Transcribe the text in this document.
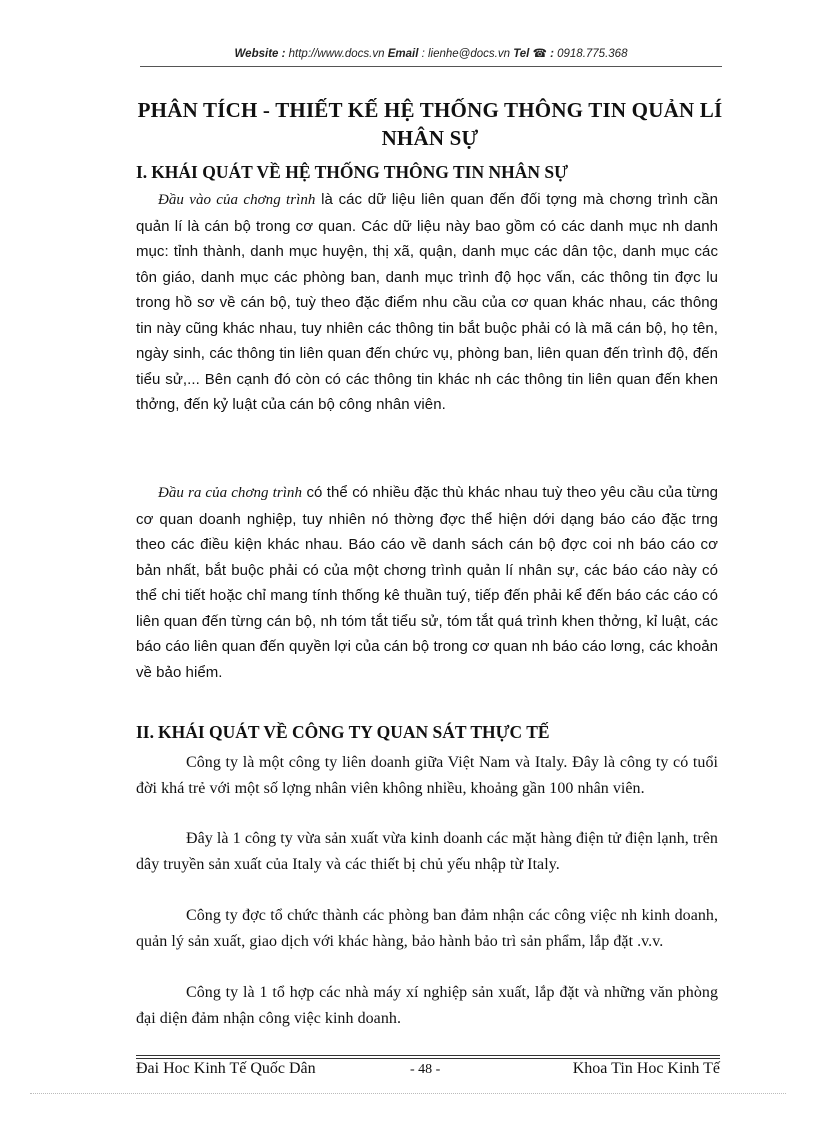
Website : http://www.docs.vn Email : lienhe@docs.vn Tel ☎ : 0918.775.368
PHÂN TÍCH - THIẾT KẾ HỆ THỐNG THÔNG TIN QUẢN LÍ NHÂN SỰ
I. KHÁI QUÁT VỀ HỆ THỐNG THÔNG TIN NHÂN SỰ
Đầu vào của chơng trình là các dữ liệu liên quan đến đối tợng mà chơng trình cần quản lí là cán bộ trong cơ quan. Các dữ liệu này bao gồm có các danh mục nh danh mục: tỉnh thành, danh mục huyện, thị xã, quận, danh mục các dân tộc, danh mục các tôn giáo, danh mục các phòng ban, danh mục trình độ học vấn, các thông tin đợc lu trong hồ sơ về cán bộ, tuỳ theo đặc điểm nhu cầu của cơ quan khác nhau, các thông tin này cũng khác nhau, tuy nhiên các thông tin bắt buộc phải có là mã cán bộ, họ tên, ngày sinh, các thông tin liên quan đến chức vụ, phòng ban, liên quan đến trình độ, đến tiểu sử,... Bên cạnh đó còn có các thông tin khác nh các thông tin liên quan đến khen thởng, đến kỷ luật của cán bộ công nhân viên.
Đầu ra của chơng trình có thể có nhiều đặc thù khác nhau tuỳ theo yêu cầu của từng cơ quan doanh nghiệp, tuy nhiên nó thờng đợc thể hiện dới dạng báo cáo đặc trng theo các điều kiện khác nhau. Báo cáo về danh sách cán bộ đợc coi nh báo cáo cơ bản nhất, bắt buộc phải có của một chơng trình quản lí nhân sự, các báo cáo này có thể chi tiết hoặc chỉ mang tính thống kê thuần tuý, tiếp đến phải kể đến báo các cáo có liên quan đến từng cán bộ, nh tóm tắt tiểu sử, tóm tắt quá trình khen thởng, kỉ luật, các báo cáo liên quan đến quyền lợi của cán bộ trong cơ quan nh báo cáo lơng, các khoản về bảo hiểm.
II. KHÁI QUÁT VỀ CÔNG TY QUAN SÁT THỰC TẾ
Công ty là một công ty liên doanh giữa Việt Nam và Italy. Đây là công ty có tuổi đời khá trẻ với một số lợng nhân viên không nhiều, khoảng gần 100 nhân viên.
Đây là 1 công ty vừa sản xuất vừa kinh doanh các mặt hàng điện tử điện lạnh, trên dây truyền sản xuất của Italy và các thiết bị chủ yếu nhập từ Italy.
Công ty đợc tổ chức thành các phòng ban đảm nhận các công việc nh kinh doanh, quản lý sản xuất, giao dịch với khác hàng, bảo hành bảo trì sản phẩm, lắp đặt .v.v.
Công ty là 1 tổ hợp các nhà máy xí nghiệp sản xuất, lắp đặt và những văn phòng đại diện đảm nhận công việc kinh doanh.
Đai Hoc Kinh Tế Quốc Dân	- 48 -	Khoa Tin Hoc Kinh Tế
